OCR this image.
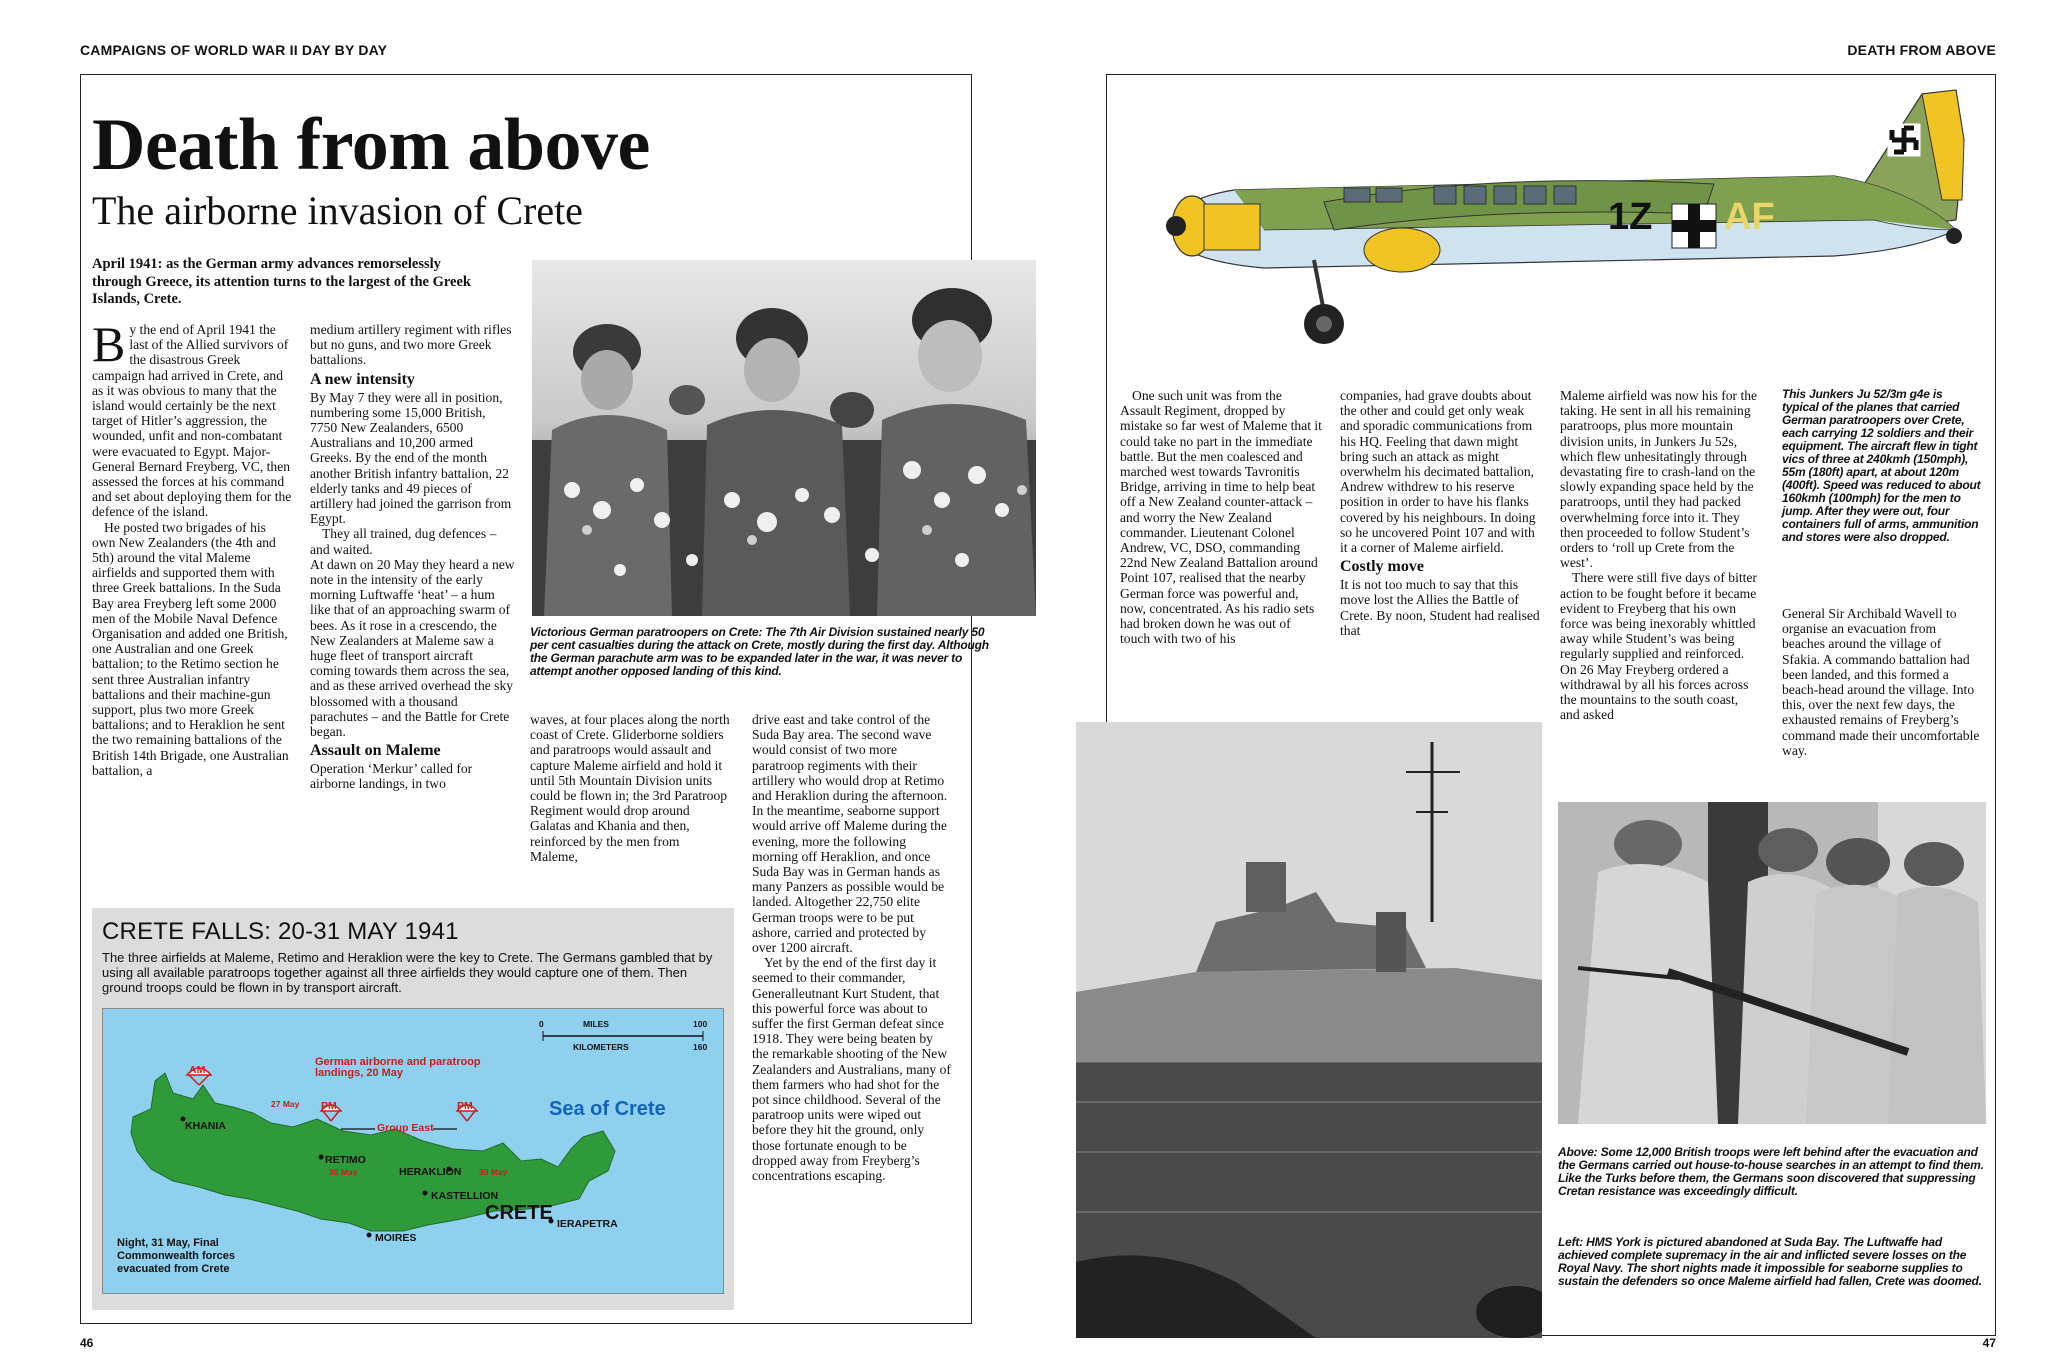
CAMPAIGNS OF WORLD WAR II DAY BY DAY	DEATH FROM ABOVE
Death from above
The airborne invasion of Crete
April 1941: as the German army advances remorselessly through Greece, its attention turns to the largest of the Greek Islands, Crete.
Victorious German paratroopers on Crete: The 7th Air Division sustained nearly 50 per cent casualties during the attack on Crete, mostly during the first day. Although the German parachute arm was to be expanded later in the war, it was never to attempt another opposed landing of this kind.

By the end of April 1941 the last of the Allied survivors of the disastrous Greek campaign had arrived in Crete, and as it was obvious to many that the island would certainly be the next target of Hitler’s aggression, the wounded, unfit and non-combatant were evacuated to Egypt. Major-General Bernard Freyberg, VC, then assessed the forces at his command and set about deploying them for the defence of the island.

He posted two brigades of his own New Zealanders (the 4th and 5th) around the vital Maleme airfields and supported them with three Greek battalions. In the Suda Bay area Freyberg left some 2000 men of the Mobile Naval Defence Organisation and added one British, one Australian and one Greek battalion; to the Retimo section he sent three Australian infantry battalions and their machine-gun support, plus two more Greek battalions; and to Heraklion he sent the two remaining battalions of the British 14th Brigade, one Australian battalion, a

medium artillery regiment with rifles but no guns, and two more Greek battalions.

A new intensity

By May 7 they were all in position, numbering some 15,000 British, 7750 New Zealanders, 6500 Australians and 10,200 armed Greeks. By the end of the month another British infantry battalion, 22 elderly tanks and 49 pieces of artillery had joined the garrison from Egypt.

They all trained, dug defences – and waited.

At dawn on 20 May they heard a new note in the intensity of the early morning Luftwaffe ‘heat’ – a hum like that of an approaching swarm of bees. As it rose in a crescendo, the New Zealanders at Maleme saw a huge fleet of transport aircraft coming towards them across the sea, and as these arrived overhead the sky blossomed with a thousand parachutes – and the Battle for Crete began.

Assault on Maleme

Operation ‘Merkur’ called for airborne landings, in two

waves, at four places along the north coast of Crete. Gliderborne soldiers and paratroops would assault and capture Maleme airfield and hold it until 5th Mountain Division units could be flown in; the 3rd Paratroop Regiment would drop around Galatas and Khania and then, reinforced by the men from Maleme,

drive east and take control of the Suda Bay area. The second wave would consist of two more paratroop regiments with their artillery who would drop at Retimo and Heraklion during the afternoon. In the meantime, seaborne support would arrive off Maleme during the evening, more the following morning off Heraklion, and once Suda Bay was in German hands as many Panzers as possible would be landed. Altogether 22,750 elite German troops were to be put ashore, carried and protected by over 1200 aircraft.

Yet by the end of the first day it seemed to their commander, Generalleutnant Kurt Student, that this powerful force was about to suffer the first German defeat since 1918. They were being beaten by the remarkable shooting of the New Zealanders and Australians, many of them farmers who had shot for the pot since childhood. Several of the paratroop units were wiped out before they hit the ground, only those fortunate enough to be dropped away from Freyberg’s concentrations escaping.

CRETE FALLS: 20-31 MAY 1941
The three airfields at Maleme, Retimo and Heraklion were the key to Crete. The Germans gambled that by using all available paratroops together against all three airfields they would capture one of them. Then ground troops could be flown in by transport aircraft.
MILES
KILOMETERS
0	100
160
German airborne and paratroop landings, 20 May
Sea of Crete
AM
PM	PM
27 May
Group East
KHANIA
RETIMO
30 May	HERAKLION 30 May
KASTELLION
CRETE
MOIRES
IERAPETRA
Night, 31 May, Final Commonwealth forces evacuated from Crete
1Z AF

One such unit was from the Assault Regiment, dropped by mistake so far west of Maleme that it could take no part in the immediate battle. But the men coalesced and marched west towards Tavronitis Bridge, arriving in time to help beat off a New Zealand counter-attack – and worry the New Zealand commander. Lieutenant Colonel Andrew, VC, DSO, commanding 22nd New Zealand Battalion around Point 107, realised that the nearby German force was powerful and, now, concentrated. As his radio sets had broken down he was out of touch with two of his

companies, had grave doubts about the other and could get only weak and sporadic communications from his HQ. Feeling that dawn might bring such an attack as might overwhelm his decimated battalion, Andrew withdrew to his reserve position in order to have his flanks covered by his neighbours. In doing so he uncovered Point 107 and with it a corner of Maleme airfield.

Costly move

It is not too much to say that this move lost the Allies the Battle of Crete. By noon, Student had realised that

Maleme airfield was now his for the taking. He sent in all his remaining paratroops, plus more mountain division units, in Junkers Ju 52s, which flew unhesitatingly through devastating fire to crash-land on the slowly expanding space held by the paratroops, until they had packed overwhelming force into it. They then proceeded to follow Student’s orders to ‘roll up Crete from the west’.

There were still five days of bitter action to be fought before it became evident to Freyberg that his own force was being inexorably whittled away while Student’s was being regularly supplied and reinforced. On 26 May Freyberg ordered a withdrawal by all his forces across the mountains to the south coast, and asked

This Junkers Ju 52/3m g4e is typical of the planes that carried German paratroopers over Crete, each carrying 12 soldiers and their equipment. The aircraft flew in tight vics of three at 240kmh (150mph), 55m (180ft) apart, at about 120m (400ft). Speed was reduced to about 160kmh (100mph) for the men to jump. After they were out, four containers full of arms, ammunition and stores were also dropped.

General Sir Archibald Wavell to organise an evacuation from beaches around the village of Sfakia. A commando battalion had been landed, and this formed a beach-head around the village. Into this, over the next few days, the exhausted remains of Freyberg’s command made their uncomfortable way.

Above: Some 12,000 British troops were left behind after the evacuation and the Germans carried out house-to-house searches in an attempt to find them. Like the Turks before them, the Germans soon discovered that suppressing Cretan resistance was exceedingly difficult.
Left: HMS York is pictured abandoned at Suda Bay. The Luftwaffe had achieved complete supremacy in the air and inflicted severe losses on the Royal Navy. The short nights made it impossible for seaborne supplies to sustain the defenders so once Maleme airfield had fallen, Crete was doomed.
46	47
